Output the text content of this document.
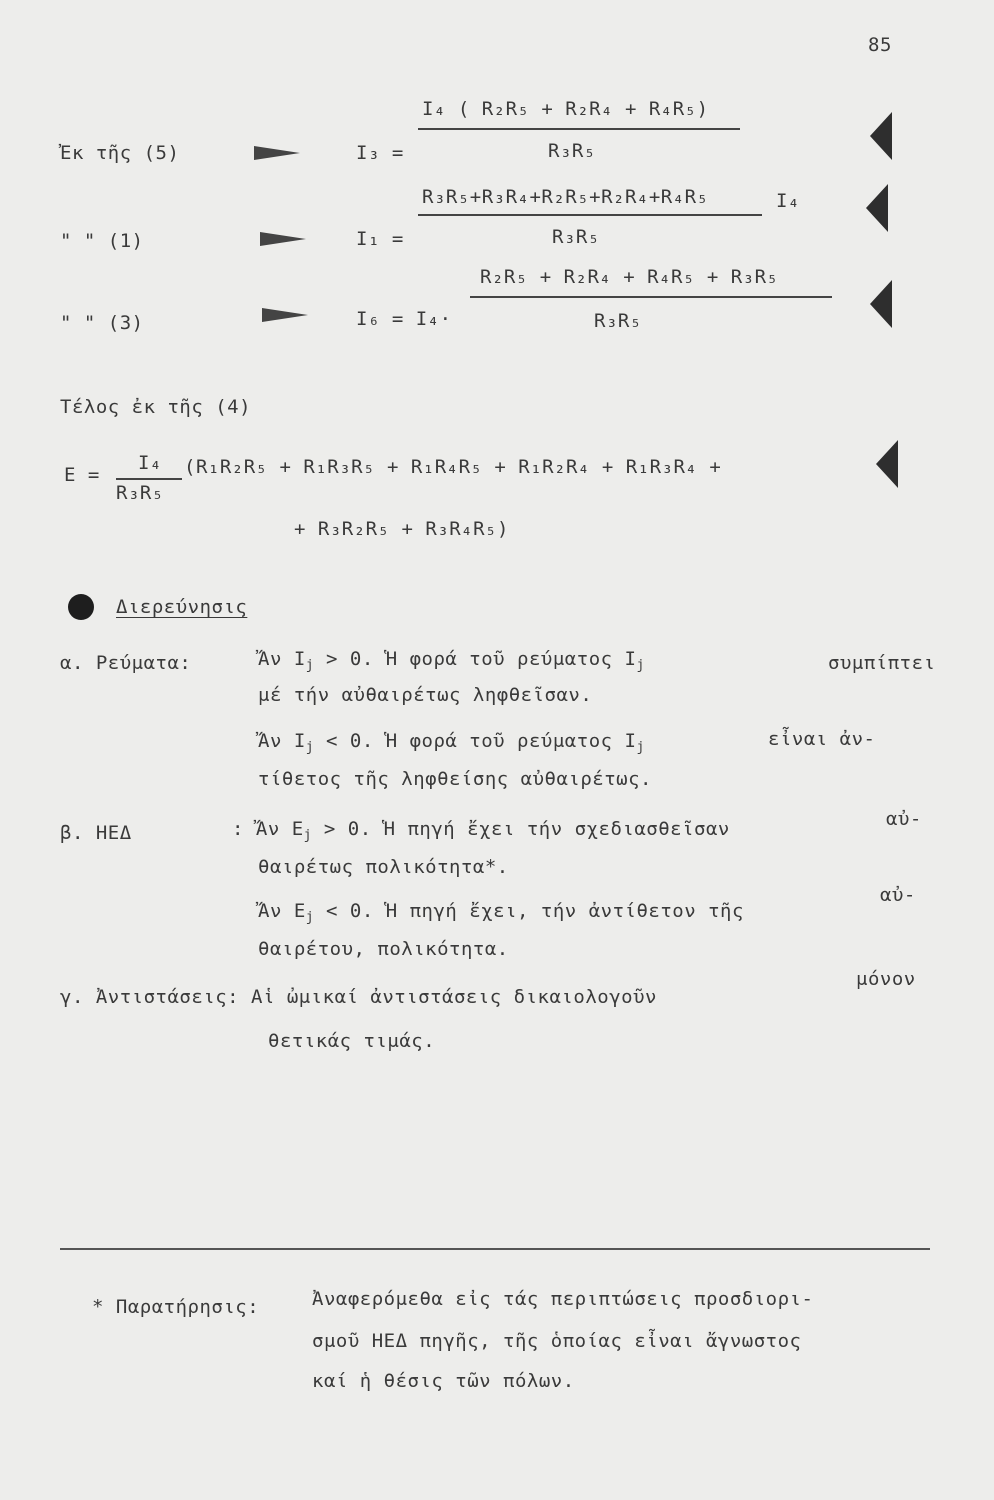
85
Ἐκ τῆς (5)	I₃ =
I₄ ( R₂R₅ + R₂R₄ + R₄R₅)
R₃R₅
" " (1)	I₁ =
R₃R₅+R₃R₄+R₂R₅+R₂R₄+R₄R₅	I₄
R₃R₅
" " (3)	I₆ = I₄·
R₂R₅ + R₂R₄ + R₄R₅ + R₃R₅
R₃R₅
Τέλος ἐκ τῆς (4)
E =
I₄
R₃R₅
(R₁R₂R₅ + R₁R₃R₅ + R₁R₄R₅ + R₁R₂R₄ + R₁R₃R₄ +
+ R₃R₂R₅ + R₃R₄R₅)
Διερεύνησις
α. Ρεύματα:	Ἄν $I_j > 0$. Ἡ φορά τοῦ ρεύματος $I_j$	συμπίπτει
μέ τήν αὐθαιρέτως ληφθεῖσαν.
Ἄν $I_j < 0$. Ἡ φορά τοῦ ρεύματος $I_j$	εἶναι ἀν-
τίθετος τῆς ληφθείσης αὐθαιρέτως.
β. ΗΕΔ	: Ἄν $E_j > 0$. Ἡ πηγή ἔχει τήν σχεδιασθεῖσαν	αὐ-
θαιρέτως πολικότητα*.
Ἄν $E_j < 0$. Ἡ πηγή ἔχει, τήν ἀντίθετον τῆς
αὐ-
θαιρέτου, πολικότητα.
γ. Ἀντιστάσεις: Αἱ ὠμικαί ἀντιστάσεις δικαιολογοῦν
μόνον
θετικάς τιμάς.
* Παρατήρησις:	Ἀναφερόμεθα εἰς τάς περιπτώσεις προσδιορι-
σμοῦ ΗΕΔ πηγῆς, τῆς ὁποίας εἶναι ἄγνωστος
καί ἡ θέσις τῶν πόλων.
